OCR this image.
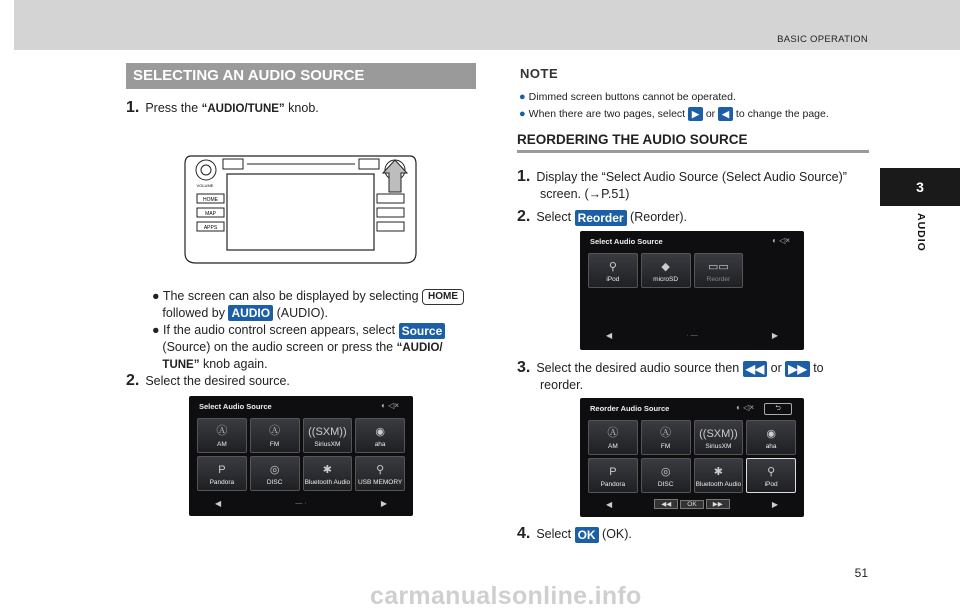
BASIC OPERATION
3
AUDIO
51
carmanualsonline.info
SELECTING AN AUDIO SOURCE
1. Press the “AUDIO/TUNE” knob.
HOME
MAP
APPS
VOLUME
● The screen can also be displayed by selecting HOME
followed by AUDIO (AUDIO).
● If the audio control screen appears, select Source
(Source) on the audio screen or press the “AUDIO/
TUNE” knob again.
2. Select the desired source.
Select Audio Source	◐ ◁×
Ⓐ
AM
Ⓐ
FM
((SXM))
SiriusXM
◉
aha
P
Pandora
◎
DISC
✱
Bluetooth Audio
⚲
USB MEMORY
◀	— ·	▶
NOTE
● Dimmed screen buttons cannot be operated.
● When there are two pages, select ▶ or ◀ to change the page.
REORDERING THE AUDIO SOURCE
1. Display the “Select Audio Source (Select Audio Source)”
screen. (→P.51)
2. Select Reorder (Reorder).
Select Audio Source	◐ ◁×
⚲
iPod
◆
microSD
▭▭
Reorder
◀	· —	▶
3. Select the desired audio source then ◀◀ or ▶▶ to
reorder.
Reorder Audio Source	◐ ◁×	⮌
Ⓐ
AM
Ⓐ
FM
((SXM))
SiriusXM
◉
aha
P
Pandora
◎
DISC
✱
Bluetooth Audio
⚲
iPod
◀	◀◀	OK	▶▶	▶
4. Select OK (OK).
